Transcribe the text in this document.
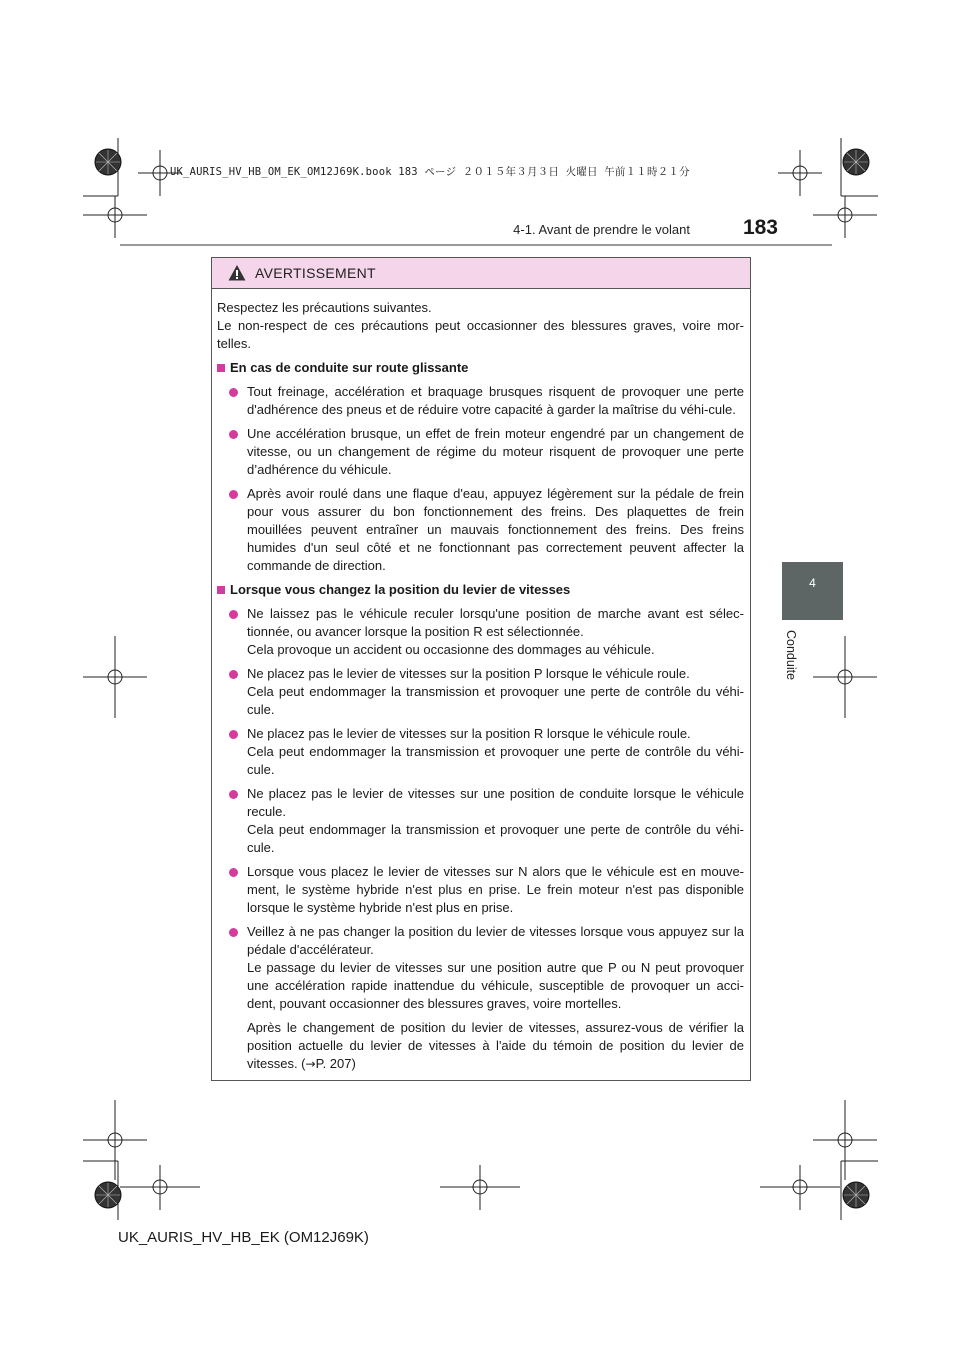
UK_AURIS_HV_HB_OM_EK_OM12J69K.book 183 ページ ２０１５年３月３日 火曜日 午前１１時２１分
4-1. Avant de prendre le volant	183
4
Conduite
AVERTISSEMENT

Respectez les précautions suivantes.

Le non-respect de ces précautions peut occasionner des blessures graves, voire mor-telles.

En cas de conduite sur route glissante

Tout freinage, accélération et braquage brusques risquent de provoquer une perte d'adhérence des pneus et de réduire votre capacité à garder la maîtrise du véhi-cule.

Une accélération brusque, un effet de frein moteur engendré par un changement de vitesse, ou un changement de régime du moteur risquent de provoquer une perte d’adhérence du véhicule.

Après avoir roulé dans une flaque d'eau, appuyez légèrement sur la pédale de frein pour vous assurer du bon fonctionnement des freins. Des plaquettes de frein mouillées peuvent entraîner un mauvais fonctionnement des freins. Des freins humides d'un seul côté et ne fonctionnant pas correctement peuvent affecter la commande de direction.

Lorsque vous changez la position du levier de vitesses

Ne laissez pas le véhicule reculer lorsqu'une position de marche avant est sélec-tionnée, ou avancer lorsque la position R est sélectionnée.

Cela provoque un accident ou occasionne des dommages au véhicule.

Ne placez pas le levier de vitesses sur la position P lorsque le véhicule roule.

Cela peut endommager la transmission et provoquer une perte de contrôle du véhi-cule.

Ne placez pas le levier de vitesses sur la position R lorsque le véhicule roule.

Cela peut endommager la transmission et provoquer une perte de contrôle du véhi-cule.

Ne placez pas le levier de vitesses sur une position de conduite lorsque le véhicule recule.

Cela peut endommager la transmission et provoquer une perte de contrôle du véhi-cule.

Lorsque vous placez le levier de vitesses sur N alors que le véhicule est en mouve-ment, le système hybride n'est plus en prise. Le frein moteur n'est pas disponible lorsque le système hybride n'est plus en prise.

Veillez à ne pas changer la position du levier de vitesses lorsque vous appuyez sur la pédale d'accélérateur.

Le passage du levier de vitesses sur une position autre que P ou N peut provoquer une accélération rapide inattendue du véhicule, susceptible de provoquer un acci-dent, pouvant occasionner des blessures graves, voire mortelles.

Après le changement de position du levier de vitesses, assurez-vous de vérifier la position actuelle du levier de vitesses à l'aide du témoin de position du levier de vitesses. (→P. 207)

UK_AURIS_HV_HB_EK (OM12J69K)
